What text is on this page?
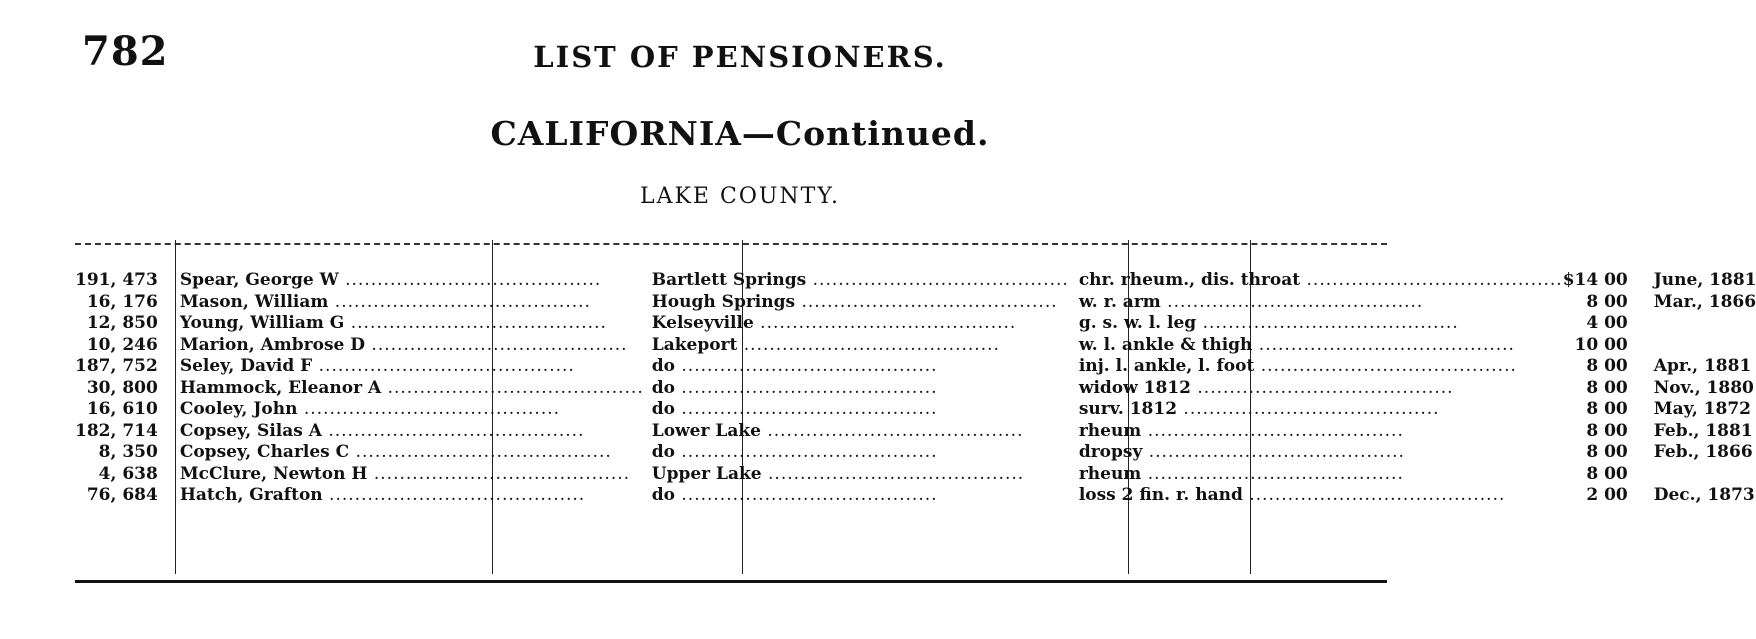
782	LIST OF PENSIONERS.
CALIFORNIA—Continued.
LAKE COUNTY.
191, 473	Spear, George W ........................................	Bartlett Springs ........................................	chr. rheum., dis. throat ........................................	$14 00	June, 1881
16, 176	Mason, William ........................................	Hough Springs ........................................	w. r. arm ........................................	8 00	Mar., 1866
12, 850	Young, William G ........................................	Kelseyville ........................................	g. s. w. l. leg ........................................	4 00	
10, 246	Marion, Ambrose D ........................................	Lakeport ........................................	w. l. ankle & thigh ........................................	10 00	
187, 752	Seley, David F ........................................	do ........................................	inj. l. ankle, l. foot ........................................	8 00	Apr., 1881
30, 800	Hammock, Eleanor A ........................................	do ........................................	widow 1812 ........................................	8 00	Nov., 1880
16, 610	Cooley, John ........................................	do ........................................	surv. 1812 ........................................	8 00	May, 1872
182, 714	Copsey, Silas A ........................................	Lower Lake ........................................	rheum ........................................	8 00	Feb., 1881
8, 350	Copsey, Charles C ........................................	do ........................................	dropsy ........................................	8 00	Feb., 1866
4, 638	McClure, Newton H ........................................	Upper Lake ........................................	rheum ........................................	8 00	
76, 684	Hatch, Grafton ........................................	do ........................................	loss 2 fin. r. hand ........................................	2 00	Dec., 1873
